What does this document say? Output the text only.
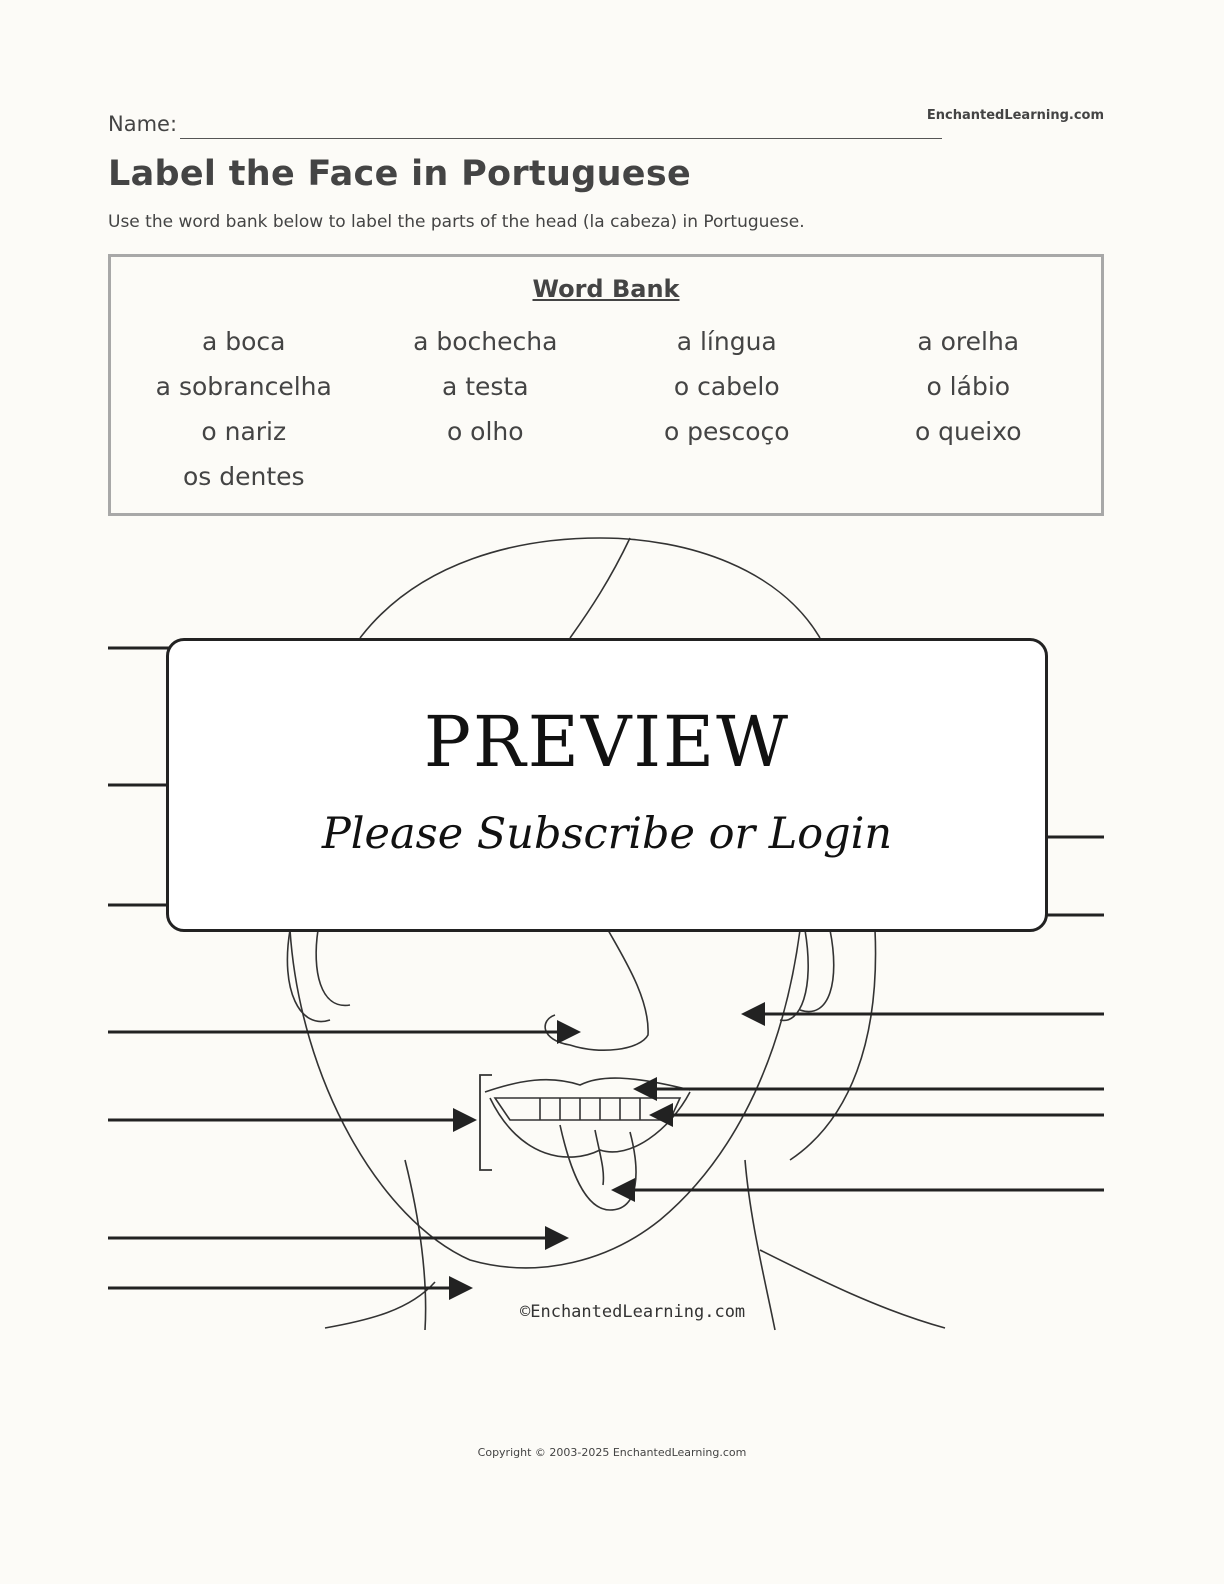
Name:	EnchantedLearning.com
Label the Face in Portuguese
Use the word bank below to label the parts of the head (la cabeza) in Portuguese.
Word Bank
a boca	a bochecha	a língua	a orelha
a sobrancelha	a testa	o cabelo	o lábio
o nariz	o olho	o pescoço	o queixo
os dentes
©EnchantedLearning.com
PREVIEW
Please Subscribe or Login
Copyright © 2003-2025 EnchantedLearning.com
